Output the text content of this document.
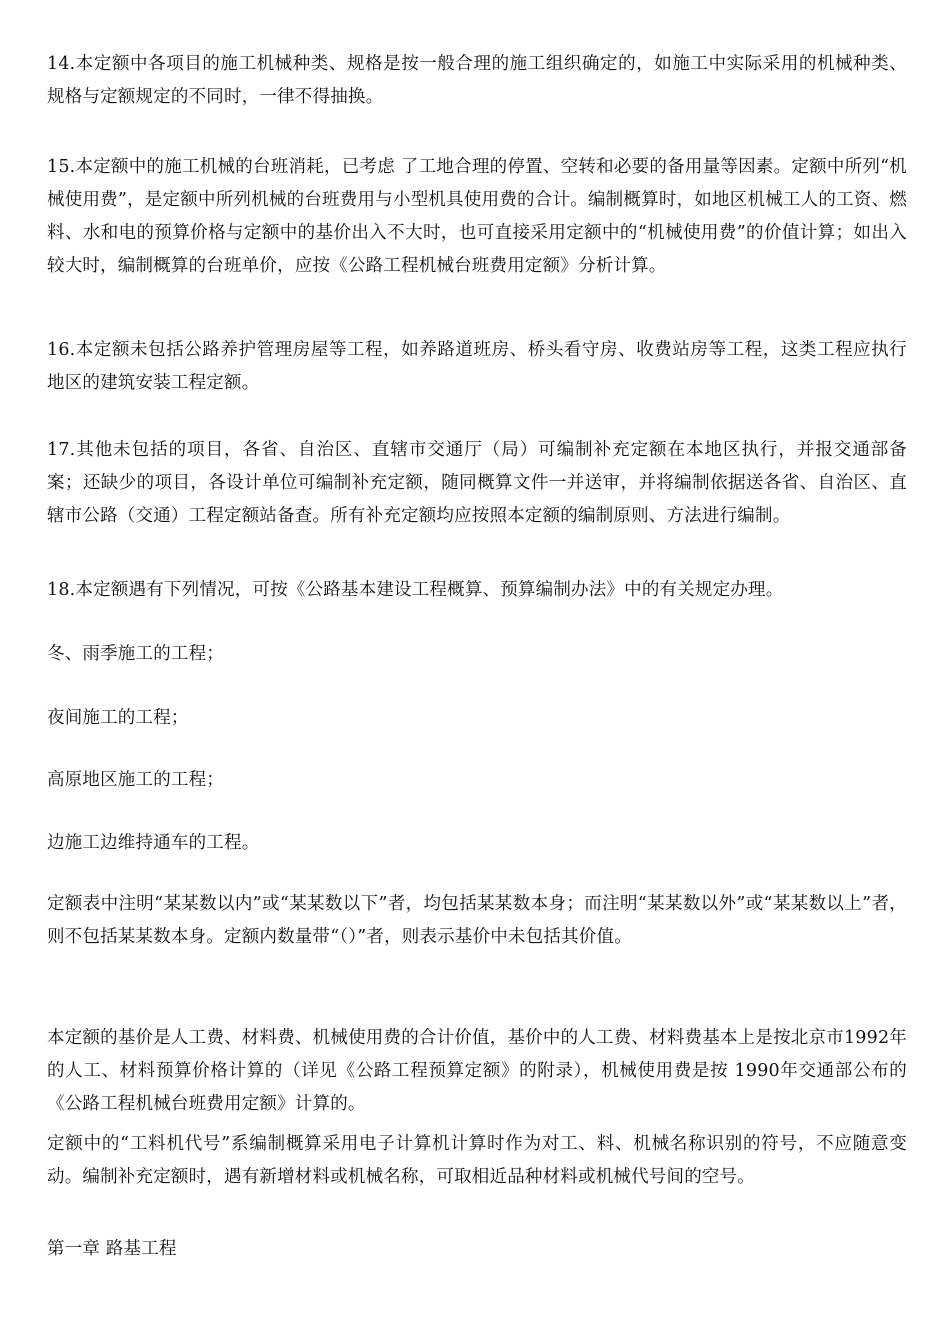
14.本定额中各项目的施工机械种类、规格是按一般合理的施工组织确定的，如施工中实际采用的机械种类、规格与定额规定的不同时，一律不得抽换。

15.本定额中的施工机械的台班消耗，已考虑 了工地合理的停置、空转和必要的备用量等因素。定额中所列“机械使用费”，是定额中所列机械的台班费用与小型机具使用费的合计。编制概算时，如地区机械工人的工资、燃料、水和电的预算价格与定额中的基价出入不大时，也可直接采用定额中的“机械使用费”的价值计算；如出入较大时，编制概算的台班单价，应按《公路工程机械台班费用定额》分析计算。

16.本定额未包括公路养护管理房屋等工程，如养路道班房、桥头看守房、收费站房等工程，这类工程应执行地区的建筑安装工程定额。

17.其他未包括的项目，各省、自治区、直辖市交通厅（局）可编制补充定额在本地区执行，并报交通部备案；还缺少的项目，各设计单位可编制补充定额，随同概算文件一并送审，并将编制依据送各省、自治区、直辖市公路（交通）工程定额站备查。所有补充定额均应按照本定额的编制原则、方法进行编制。

18.本定额遇有下列情况，可按《公路基本建设工程概算、预算编制办法》中的有关规定办理。

冬、雨季施工的工程；

夜间施工的工程；

高原地区施工的工程；

边施工边维持通车的工程。

定额表中注明“某某数以内”或“某某数以下”者，均包括某某数本身；而注明“某某数以外”或“某某数以上”者，则不包括某某数本身。定额内数量带“（）”者，则表示基价中未包括其价值。

本定额的基价是人工费、材料费、机械使用费的合计价值，基价中的人工费、材料费基本上是按北京市1992年的人工、材料预算价格计算的（详见《公路工程预算定额》的附录），机械使用费是按 1990年交通部公布的《公路工程机械台班费用定额》计算的。

定额中的“工料机代号”系编制概算采用电子计算机计算时作为对工、料、机械名称识别的符号，不应随意变动。编制补充定额时，遇有新增材料或机械名称，可取相近品种材料或机械代号间的空号。

第一章 路基工程
